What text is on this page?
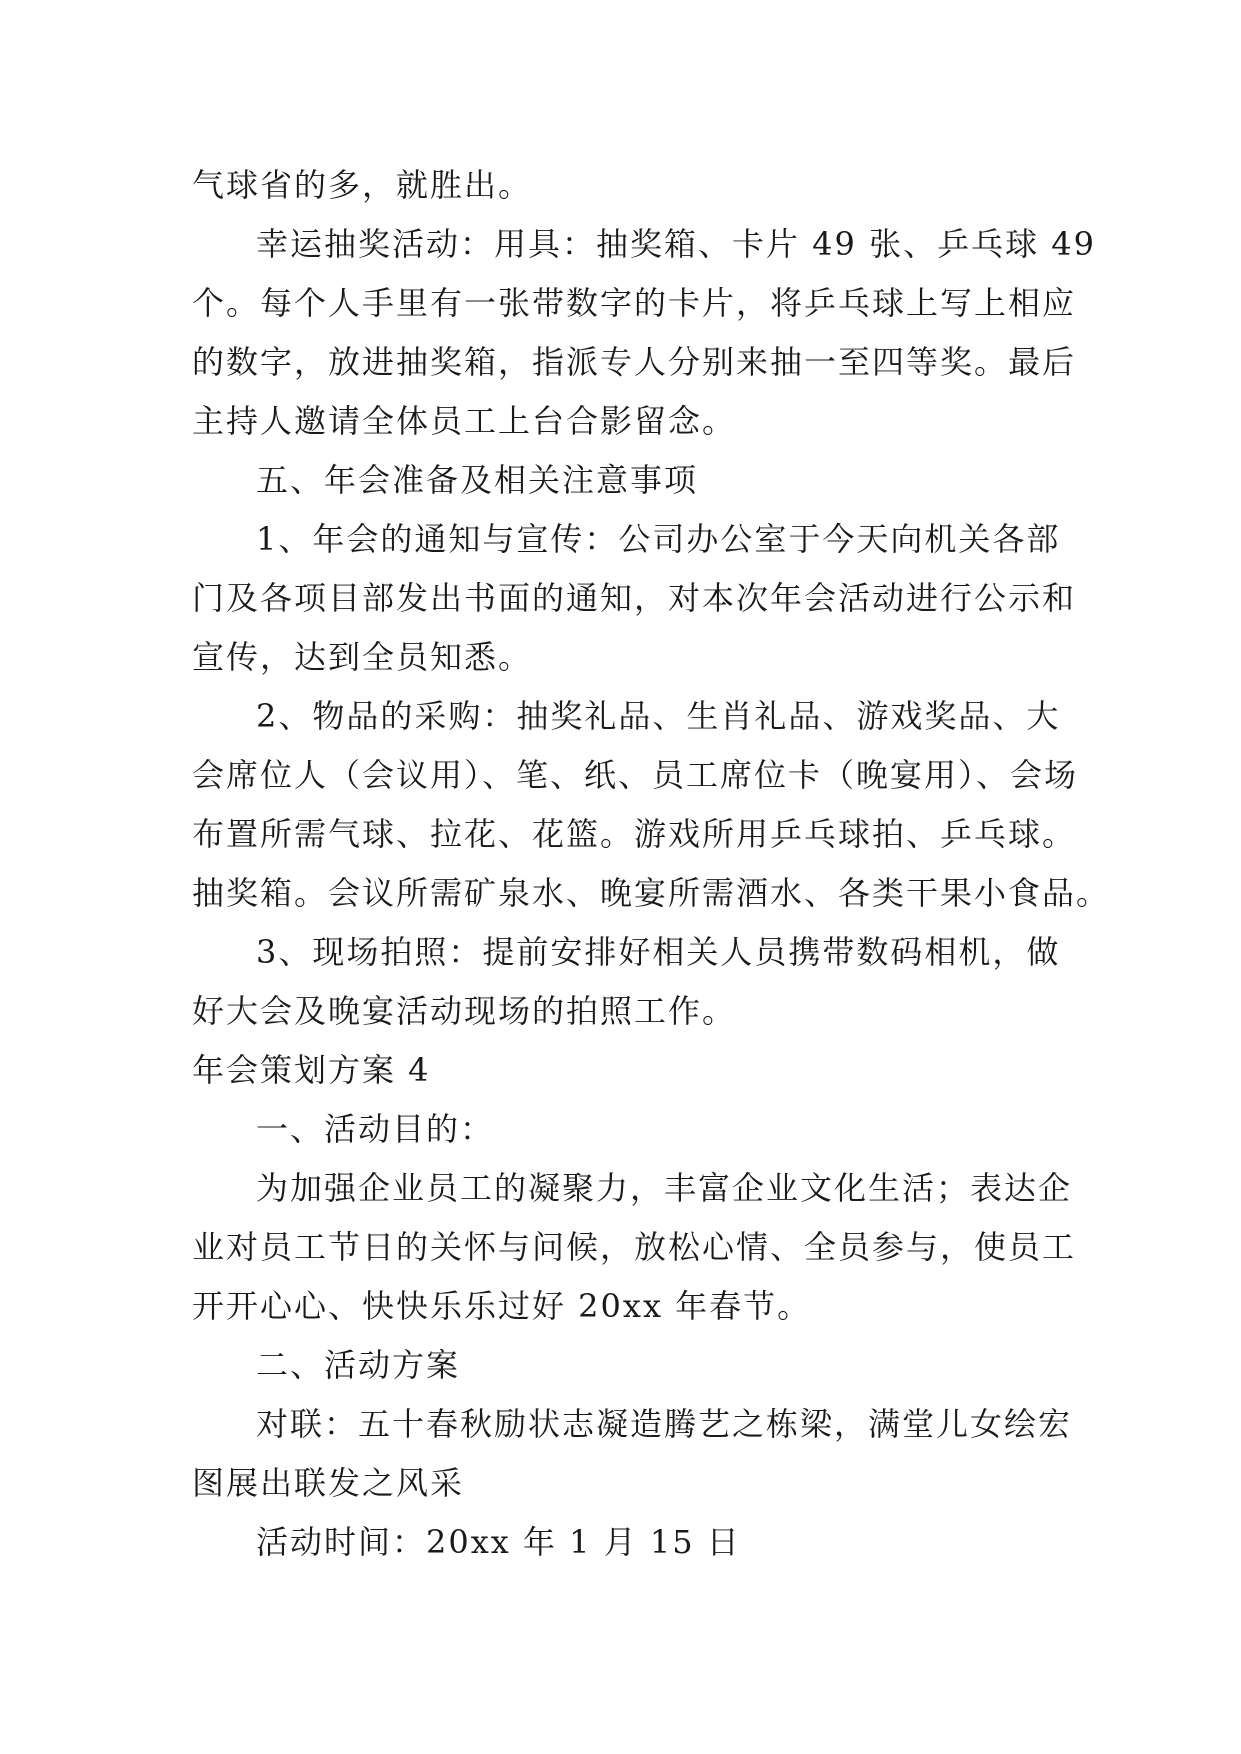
气球省的多，就胜出。
幸运抽奖活动：用具：抽奖箱、卡片 49 张、乒乓球 49
个。每个人手里有一张带数字的卡片，将乒乓球上写上相应
的数字，放进抽奖箱，指派专人分别来抽一至四等奖。最后
主持人邀请全体员工上台合影留念。
五、年会准备及相关注意事项
1、年会的通知与宣传：公司办公室于今天向机关各部
门及各项目部发出书面的通知，对本次年会活动进行公示和
宣传，达到全员知悉。
2、物品的采购：抽奖礼品、生肖礼品、游戏奖品、大
会席位人（会议用）、笔、纸、员工席位卡（晚宴用）、会场
布置所需气球、拉花、花篮。游戏所用乒乓球拍、乒乓球。
抽奖箱。会议所需矿泉水、晚宴所需酒水、各类干果小食品。
3、现场拍照：提前安排好相关人员携带数码相机，做
好大会及晚宴活动现场的拍照工作。
年会策划方案 4
一、活动目的：
为加强企业员工的凝聚力，丰富企业文化生活；表达企
业对员工节日的关怀与问候，放松心情、全员参与，使员工
开开心心、快快乐乐过好 20xx 年春节。
二、活动方案
对联：五十春秋励状志凝造腾艺之栋梁，满堂儿女绘宏
图展出联发之风采
活动时间：20xx 年 1 月 15 日
